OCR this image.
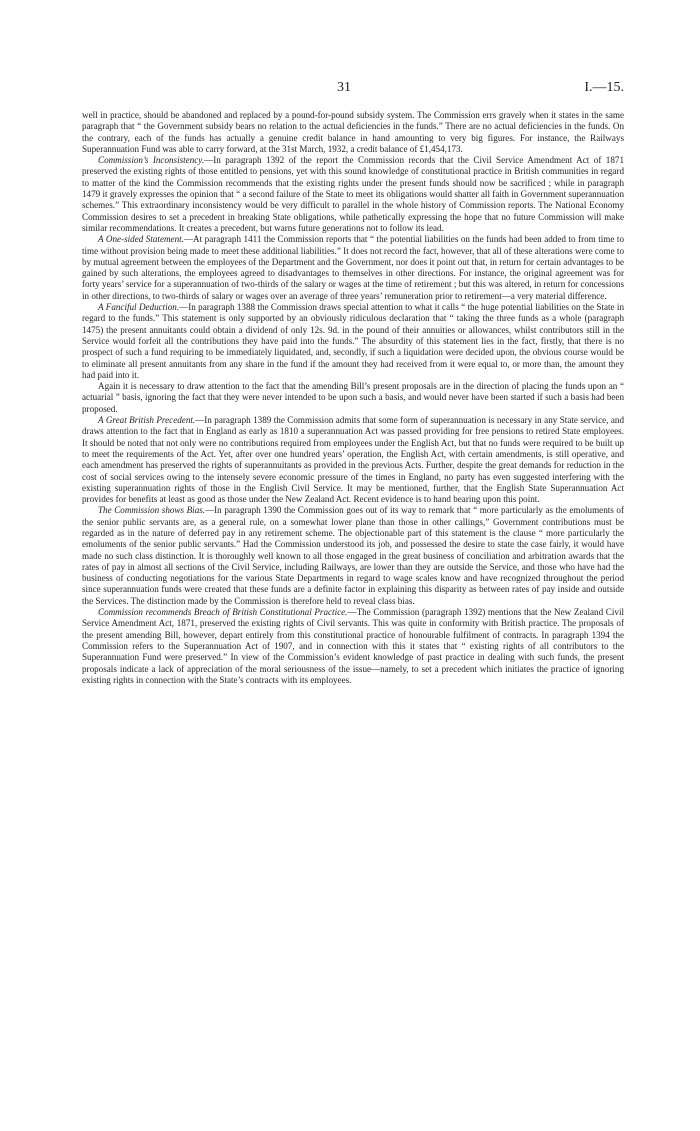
31	I.—15.

well in practice, should be abandoned and replaced by a pound-for-pound subsidy system. The Commission errs gravely when it states in the same paragraph that “ the Government subsidy bears no relation to the actual deficiencies in the funds.” There are no actual deficiencies in the funds. On the contrary, each of the funds has actually a genuine credit balance in hand amounting to very big figures. For instance, the Railways Superannuation Fund was able to carry forward, at the 31st March, 1932, a credit balance of £1,454,173.

Commission’s Inconsistency.—In paragraph 1392 of the report the Commission records that the Civil Service Amendment Act of 1871 preserved the existing rights of those entitled to pensions, yet with this sound knowledge of constitutional practice in British communities in regard to matter of the kind the Commission recommends that the existing rights under the present funds should now be sacrificed ; while in paragraph 1479 it gravely expresses the opinion that “ a second failure of the State to meet its obligations would shatter all faith in Government superannuation schemes.” This extraordinary inconsistency would be very difficult to parallel in the whole history of Commission reports. The National Economy Commission desires to set a precedent in breaking State obligations, while pathetically expressing the hope that no future Commission will make similar recommendations. It creates a precedent, but warns future generations not to follow its lead.

A One-sided Statement.—At paragraph 1411 the Commission reports that “ the potential liabilities on the funds had been added to from time to time without provision being made to meet these additional liabilities.” It does not record the fact, however, that all of these alterations were come to by mutual agreement between the employees of the Department and the Government, nor does it point out that, in return for certain advantages to be gained by such alterations, the employees agreed to disadvantages to themselves in other directions. For instance, the original agreement was for forty years’ service for a superannuation of two-thirds of the salary or wages at the time of retirement ; but this was altered, in return for concessions in other directions, to two-thirds of salary or wages over an average of three years’ remuneration prior to retirement—a very material difference.

A Fanciful Deduction.—In paragraph 1388 the Commission draws special attention to what it calls “ the huge potential liabilities on the State in regard to the funds.” This statement is only supported by an obviously ridiculous declaration that “ taking the three funds as a whole (paragraph 1475) the present annuitants could obtain a dividend of only 12s. 9d. in the pound of their annuities or allowances, whilst contributors still in the Service would forfeit all the contributions they have paid into the funds.” The absurdity of this statement lies in the fact, firstly, that there is no prospect of such a fund requiring to be immediately liquidated, and, secondly, if such a liquidation were decided upon, the obvious course would be to eliminate all present annuitants from any share in the fund if the amount they had received from it were equal to, or more than, the amount they had paid into it.

Again it is necessary to draw attention to the fact that the amending Bill’s present proposals are in the direction of placing the funds upon an “ actuarial ” basis, ignoring the fact that they were never intended to be upon such a basis, and would never have been started if such a basis had been proposed.

A Great British Precedent.—In paragraph 1389 the Commission admits that some form of superannuation is necessary in any State service, and draws attention to the fact that in England as early as 1810 a superannuation Act was passed providing for free pensions to retired State employees. It should be noted that not only were no contributions required from employees under the English Act, but that no funds were required to be built up to meet the requirements of the Act. Yet, after over one hundred years’ operation, the English Act, with certain amendments, is still operative, and each amendment has preserved the rights of superannuitants as provided in the previous Acts. Further, despite the great demands for reduction in the cost of social services owing to the intensely severe economic pressure of the times in England, no party has even suggested interfering with the existing superannuation rights of those in the English Civil Service. It may be mentioned, further, that the English State Superannuation Act provides for benefits at least as good as those under the New Zealand Act. Recent evidence is to hand bearing upon this point.

The Commission shows Bias.—In paragraph 1390 the Commission goes out of its way to remark that “ more particularly as the emoluments of the senior public servants are, as a general rule, on a somewhat lower plane than those in other callings,” Government contributions must be regarded as in the nature of deferred pay in any retirement scheme. The objectionable part of this statement is the clause “ more particularly the emoluments of the senior public servants.” Had the Commission understood its job, and possessed the desire to state the case fairly, it would have made no such class distinction. It is thoroughly well known to all those engaged in the great business of conciliation and arbitration awards that the rates of pay in almost all sections of the Civil Service, including Railways, are lower than they are outside the Service, and those who have had the business of conducting negotiations for the various State Departments in regard to wage scales know and have recognized throughout the period since superannuation funds were created that these funds are a definite factor in explaining this disparity as between rates of pay inside and outside the Services. The distinction made by the Commission is therefore held to reveal class bias.

Commission recommends Breach of British Constitutional Practice.—The Commission (paragraph 1392) mentions that the New Zealand Civil Service Amendment Act, 1871, preserved the existing rights of Civil servants. This was quite in conformity with British practice. The proposals of the present amending Bill, however, depart entirely from this constitutional practice of honourable fulfilment of contracts. In paragraph 1394 the Commission refers to the Superannuation Act of 1907, and in connection with this it states that “ existing rights of all contributors to the Superannuation Fund were preserved.” In view of the Commission’s evident knowledge of past practice in dealing with such funds, the present proposals indicate a lack of appreciation of the moral seriousness of the issue—namely, to set a precedent which initiates the practice of ignoring existing rights in connection with the State’s contracts with its employees.
